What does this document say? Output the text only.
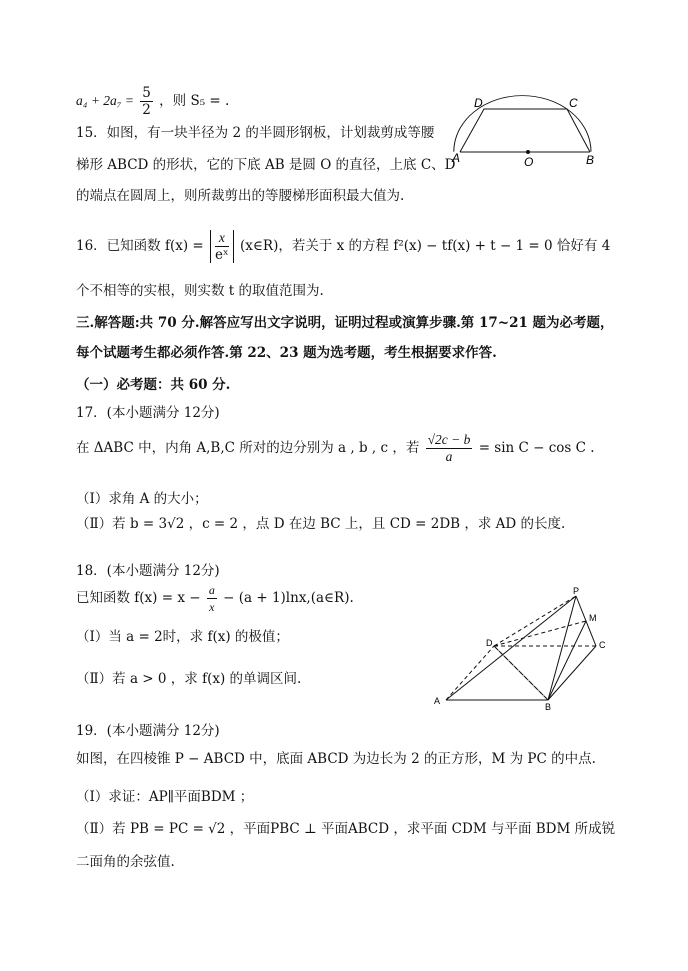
$a_4 + 2a_7 = \frac{5}{2}$ ，则 S₅ = .
15．如图，有一块半径为 2 的半圆形钢板，计划裁剪成等腰
梯形 ABCD 的形状，它的下底 AB 是圆 O 的直径，上底 C、D
的端点在圆周上，则所裁剪出的等腰梯形面积最大值为.
A	B
C
D
O
16．已知函数 $f(x) = \frac{x}{\text{eˣ}}$ (x∈R)，若关于 x 的方程 f²(x) − tf(x) + t − 1 = 0 恰好有 4
个不相等的实根，则实数 t 的取值范围为.
三.解答题:共 70 分.解答应写出文字说明，证明过程或演算步骤.第 17~21 题为必考题，
每个试题考生都必须作答.第 22、23 题为选考题，考生根据要求作答.
（一）必考题：共 60 分.
17．(本小题满分 12分)
在 ΔABC 中，内角 A,B,C 所对的边分别为 a , b , c ，若 $\frac{√2c - b}{a} = \sin C - \cos C$ .
（Ⅰ）求角 A 的大小；
（Ⅱ）若 b = 3√2 ，c = 2 ，点 D 在边 BC 上，且 CD = 2DB ，求 AD 的长度.
18．(本小题满分 12分)
已知函数 $f(x) = x - \frac{a}{x} - (a$ + 1)lnx,(a∈R).
（Ⅰ）当 a = 2时，求 f(x) 的极值；
（Ⅱ）若 a > 0 ，求 f(x) 的单调区间.
A
B
C
D
P
M
19．(本小题满分 12分)
如图，在四棱锥 P − ABCD 中，底面 ABCD 为边长为 2 的正方形，M 为 PC 的中点.
（Ⅰ）求证：AP∥平面BDM ；
（Ⅱ）若 PB = PC = √2 ，平面PBC ⊥ 平面ABCD ，求平面 CDM 与平面 BDM 所成锐
二面角的余弦值.
